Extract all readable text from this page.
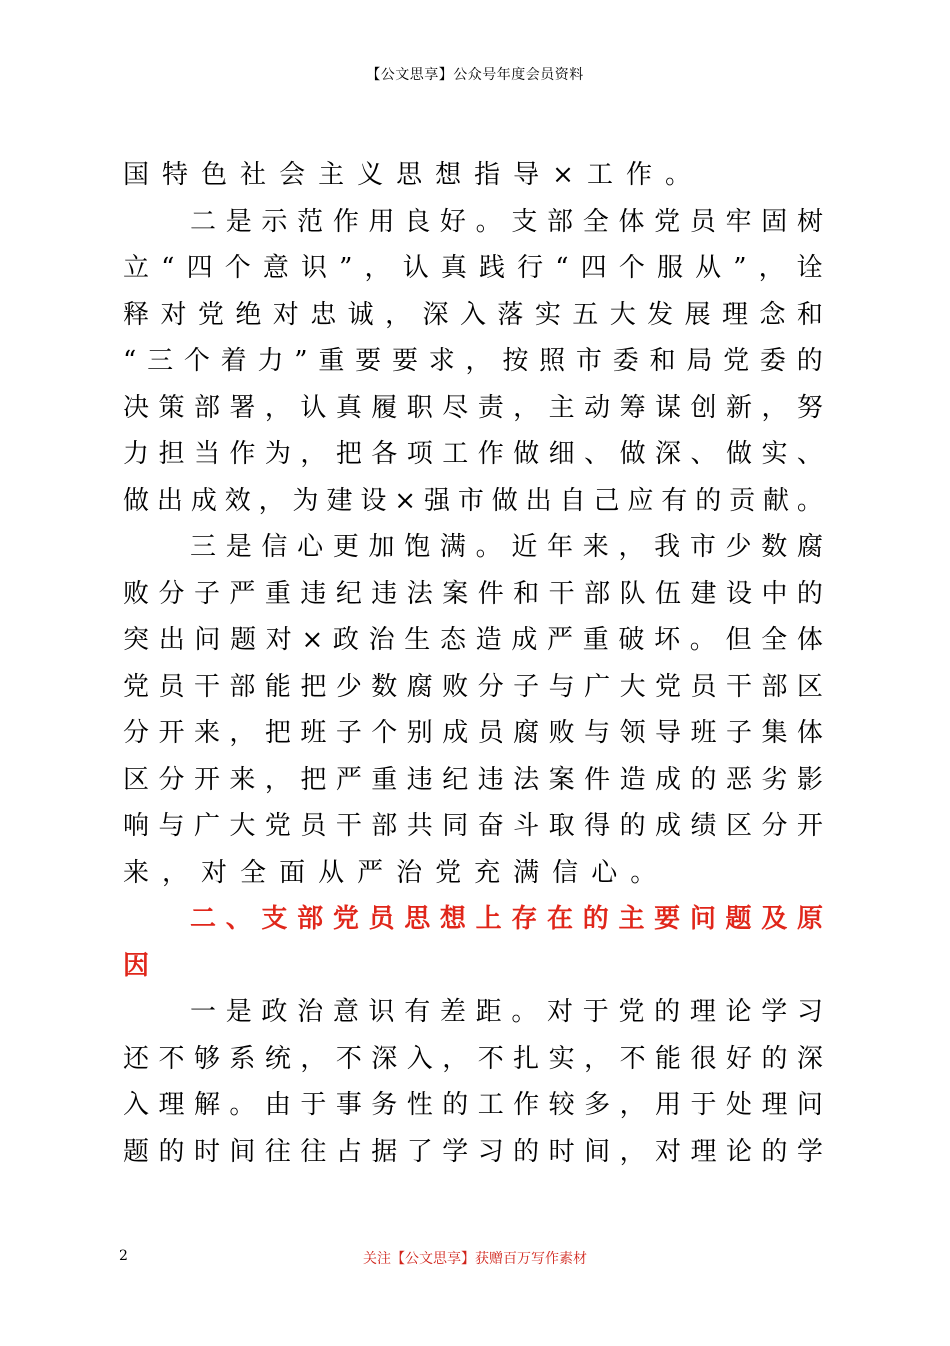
【公文思享】公众号年度会员资料
国 特 色 社 会 主 义 思 想 指 导 × 工 作 。
二 是 示 范 作 用 良 好 。 支 部 全 体 党 员 牢 固 树
立 “ 四 个 意 识 ” ， 认 真 践 行 “ 四 个 服 从 ” ， 诠
释 对 党 绝 对 忠 诚 ， 深 入 落 实 五 大 发 展 理 念 和
“ 三 个 着 力 ” 重 要 要 求 ， 按 照 市 委 和 局 党 委 的
决 策 部 署 ， 认 真 履 职 尽 责 ， 主 动 筹 谋 创 新 ， 努
力 担 当 作 为 ， 把 各 项 工 作 做 细 、 做 深 、 做 实 、
做 出 成 效 ， 为 建 设 × 强 市 做 出 自 己 应 有 的 贡 献 。
三 是 信 心 更 加 饱 满 。 近 年 来 ， 我 市 少 数 腐
败 分 子 严 重 违 纪 违 法 案 件 和 干 部 队 伍 建 设 中 的
突 出 问 题 对 × 政 治 生 态 造 成 严 重 破 坏 。 但 全 体
党 员 干 部 能 把 少 数 腐 败 分 子 与 广 大 党 员 干 部 区
分 开 来 ， 把 班 子 个 别 成 员 腐 败 与 领 导 班 子 集 体
区 分 开 来 ， 把 严 重 违 纪 违 法 案 件 造 成 的 恶 劣 影
响 与 广 大 党 员 干 部 共 同 奋 斗 取 得 的 成 绩 区 分 开
来 ， 对 全 面 从 严 治 党 充 满 信 心 。
二 、 支 部 党 员 思 想 上 存 在 的 主 要 问 题 及 原
因
一 是 政 治 意 识 有 差 距 。 对 于 党 的 理 论 学 习
还 不 够 系 统 ， 不 深 入 ， 不 扎 实 ， 不 能 很 好 的 深
入 理 解 。 由 于 事 务 性 的 工 作 较 多 ， 用 于 处 理 问
题 的 时 间 往 往 占 据 了 学 习 的 时 间 ， 对 理 论 的 学
2	关注【公文思享】获赠百万写作素材
